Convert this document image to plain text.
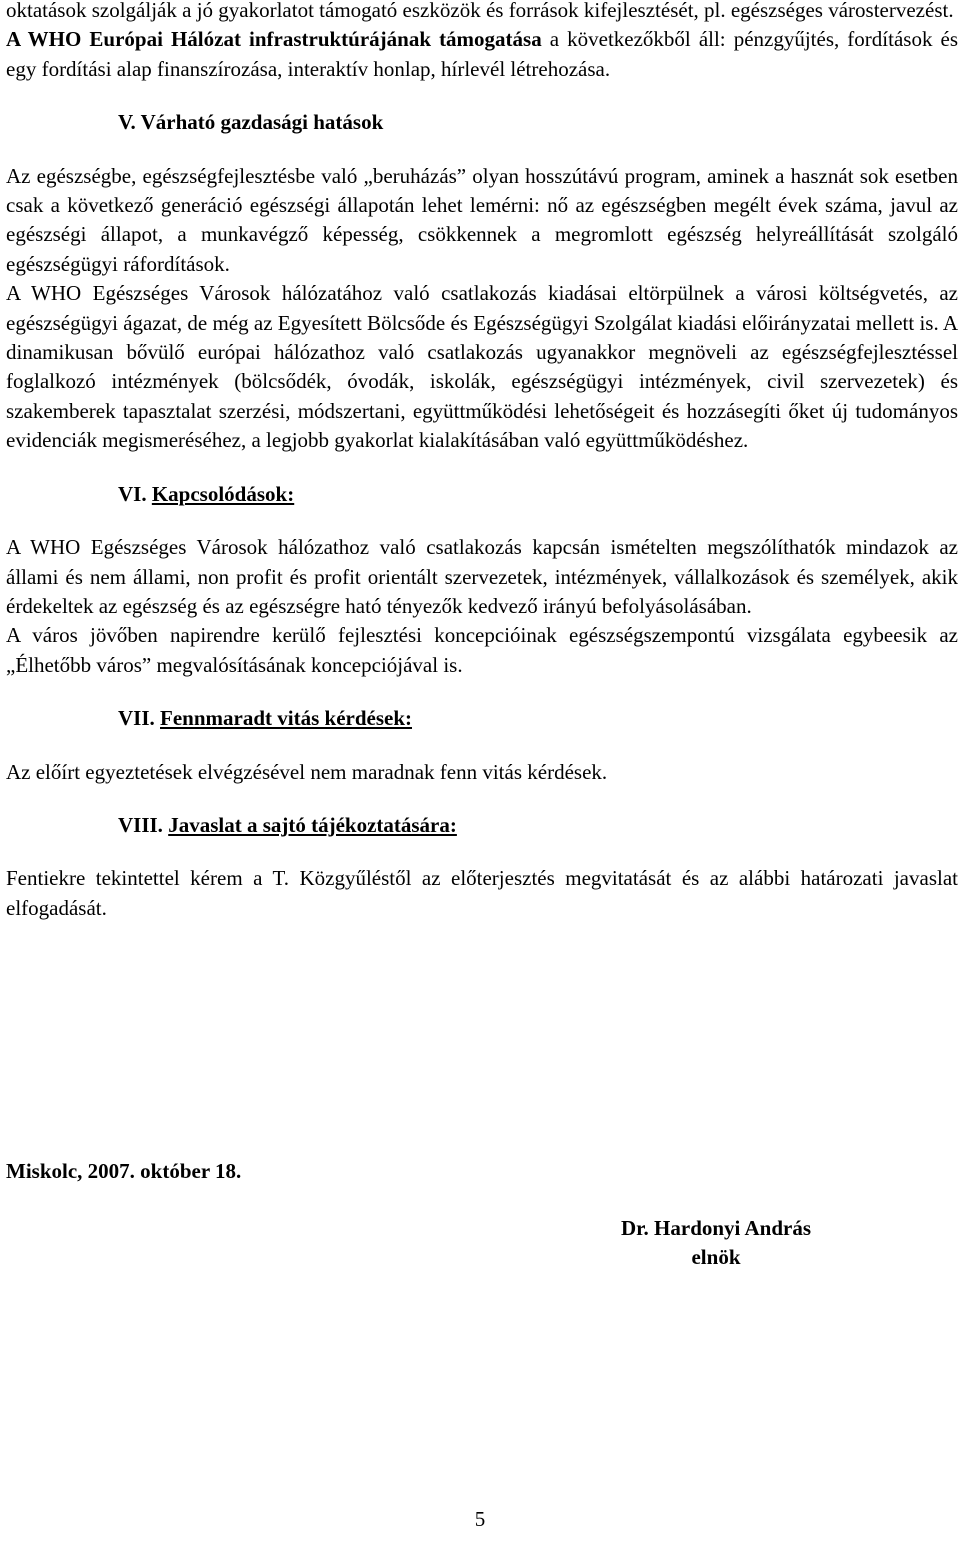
oktatások szolgálják a jó gyakorlatot támogató eszközök és források kifejlesztését, pl. egészséges várostervezést.

A WHO Európai Hálózat infrastruktúrájának támogatása a következőkből áll: pénzgyűjtés, fordítások és egy fordítási alap finanszírozása, interaktív honlap, hírlevél létrehozása.

V. Várható gazdasági hatások

Az egészségbe, egészségfejlesztésbe való „beruházás” olyan hosszútávú program, aminek a hasznát sok esetben csak a következő generáció egészségi állapotán lehet lemérni: nő az egészségben megélt évek száma, javul az egészségi állapot, a munkavégző képesség, csökkennek a megromlott egészség helyreállítását szolgáló egészségügyi ráfordítások.

A WHO Egészséges Városok hálózatához való csatlakozás kiadásai eltörpülnek a városi költségvetés, az egészségügyi ágazat, de még az Egyesített Bölcsőde és Egészségügyi Szolgálat kiadási előirányzatai mellett is. A dinamikusan bővülő európai hálózathoz való csatlakozás ugyanakkor megnöveli az egészségfejlesztéssel foglalkozó intézmények (bölcsődék, óvodák, iskolák, egészségügyi intézmények, civil szervezetek) és szakemberek tapasztalat szerzési, módszertani, együttműködési lehetőségeit és hozzásegíti őket új tudományos evidenciák megismeréséhez, a legjobb gyakorlat kialakításában való együttműködéshez.

VI. Kapcsolódások:

A WHO Egészséges Városok hálózathoz való csatlakozás kapcsán ismételten megszólíthatók mindazok az állami és nem állami, non profit és profit orientált szervezetek, intézmények, vállalkozások és személyek, akik érdekeltek az egészség és az egészségre ható tényezők kedvező irányú befolyásolásában.

A város jövőben napirendre kerülő fejlesztési koncepcióinak egészségszempontú vizsgálata egybeesik az „Élhetőbb város” megvalósításának koncepciójával is.

VII. Fennmaradt vitás kérdések:

Az előírt egyeztetések elvégzésével nem maradnak fenn vitás kérdések.

VIII. Javaslat a sajtó tájékoztatására:

Fentiekre tekintettel kérem a T. Közgyűléstől az előterjesztés megvitatását és az alábbi határozati javaslat elfogadását.

Miskolc, 2007. október 18.
Dr. Hardonyi András
elnök
5
